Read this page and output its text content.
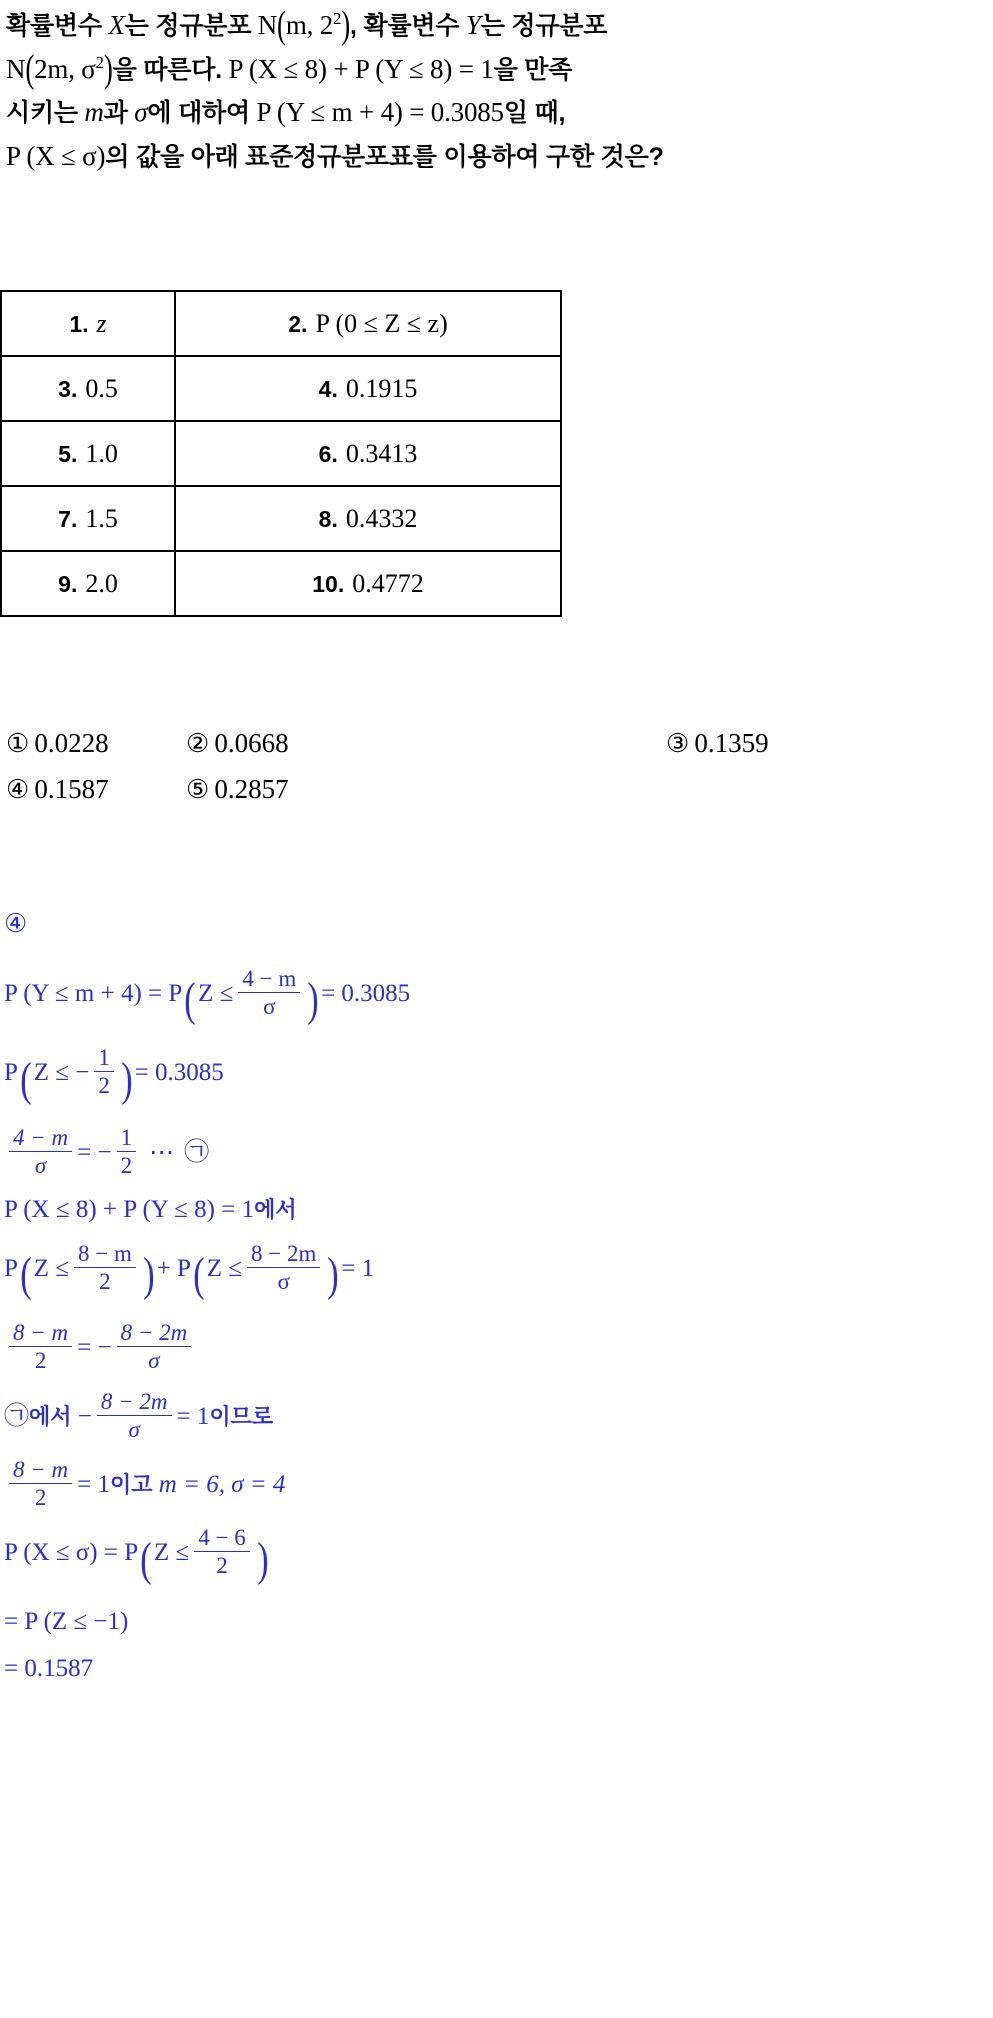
확률변수 X는 정규분포 N(m, $2^2$), 확률변수 Y는 정규분포
N(2m, $\sigma^2$)을 따른다. P (X ≤ 8) + P (Y ≤ 8) = 1을 만족
시키는 m과 σ에 대하여 P (Y ≤ m + 4) = 0.3085일 때,
P (X ≤ σ)의 값을 아래 표준정규분포표를 이용하여 구한 것은?
1. z	2. P (0 ≤ Z ≤ z)
3. 0.5	4. 0.1915
5. 1.0	6. 0.3413
7. 1.5	8. 0.4332
9. 2.0	10. 0.4772
① 0.0228	② 0.0668	③ 0.1359
④ 0.1587	⑤ 0.2857
④
P $(Y \le m + 4) = P(Z \le \frac{4 - m}{\sigma}$ )= 0.3085
P(Z ≤ − $\frac{1}{2}$ )= 0.3085
$\frac{4 - m}{\sigma}$ = − $\frac{1}{2}$ ⋯ ㉠
P (X ≤ 8) + P (Y ≤ 8) = 1에서
$P(Z \le \frac{8 - m}{2}$ )+ $P(Z \le \frac{8 - 2m}{\sigma}$ )= 1
$\frac{8 - m}{2}$ = − $\frac{8 - 2m}{\sigma}$
㉠에서 − $\frac{8 - 2m}{\sigma} = 1$이므로
$\frac{8 - m}{2} = 1$이고 m = 6, σ = 4
P $(X \le \sigma) = P(Z \le \frac{4 - 6}{2}$ )
= P (Z ≤ −1)
= 0.1587
